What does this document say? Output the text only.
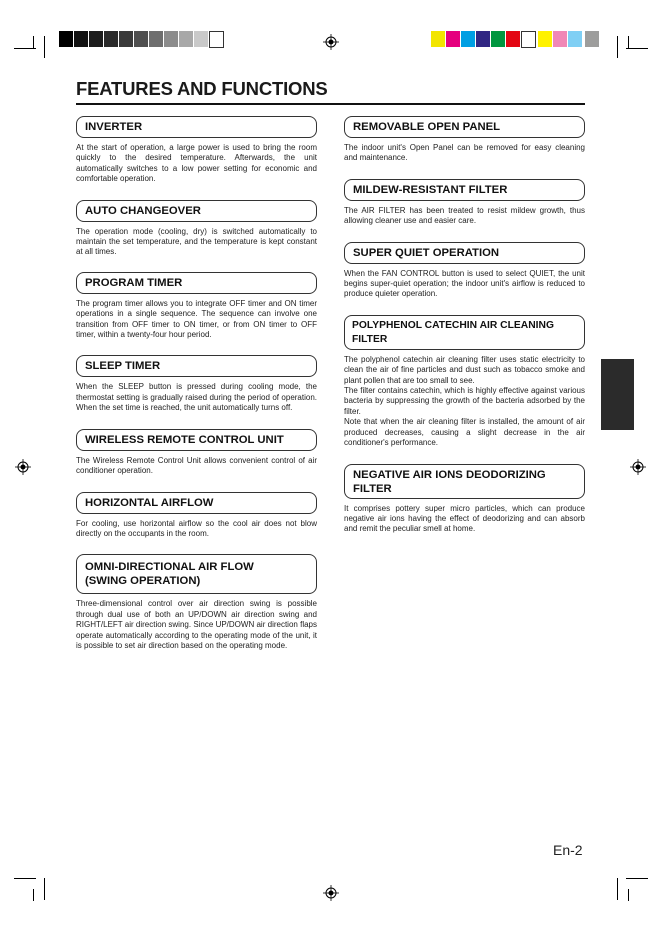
FEATURES AND FUNCTIONS
INVERTER

At the start of operation, a large power is used to bring the room quickly to the desired temperature. Afterwards, the unit automatically switches to a low power setting for economic and comfortable operation.

AUTO CHANGEOVER

The operation mode (cooling, dry) is switched automatically to maintain the set temperature, and the temperature is kept constant at all times.

PROGRAM TIMER

The program timer allows you to integrate OFF timer and ON timer operations in a single sequence. The sequence can involve one transition from OFF timer to ON timer, or from ON timer to OFF timer, within a twenty-four hour period.

SLEEP TIMER

When the SLEEP button is pressed during cooling mode, the thermostat setting is gradually raised during the period of operation. When the set time is reached, the unit automatically turns off.

WIRELESS REMOTE CONTROL UNIT

The Wireless Remote Control Unit allows convenient control of air conditioner operation.

HORIZONTAL AIRFLOW

For cooling, use horizontal airflow so the cool air does not blow directly on the occupants in the room.

OMNI-DIRECTIONAL AIR FLOW (SWING OPERATION)

Three-dimensional control over air direction swing is possible through dual use of both an UP/DOWN air direction swing and RIGHT/LEFT air direction swing. Since UP/DOWN air direction flaps operate automatically according to the operating mode of the unit, it is possible to set air direction based on the operating mode.

REMOVABLE OPEN PANEL

The indoor unit's Open Panel can be removed for easy cleaning and maintenance.

MILDEW-RESISTANT FILTER

The AIR FILTER has been treated to resist mildew growth, thus allowing cleaner use and easier care.

SUPER QUIET OPERATION

When the FAN CONTROL button is used to select QUIET, the unit begins super-quiet operation; the indoor unit's airflow is reduced to produce quieter operation.

POLYPHENOL CATECHIN AIR CLEANING FILTER

The polyphenol catechin air cleaning filter uses static electricity to clean the air of fine particles and dust such as tobacco smoke and plant pollen that are too small to see.

The filter contains catechin, which is highly effective against various bacteria by suppressing the growth of the bacteria adsorbed by the filter.

Note that when the air cleaning filter is installed, the amount of air produced decreases, causing a slight decrease in the air conditioner's performance.

NEGATIVE AIR IONS DEODORIZING FILTER

It comprises pottery super micro particles, which can produce negative air ions having the effect of deodorizing and can absorb and remit the peculiar smell at home.

En-2
